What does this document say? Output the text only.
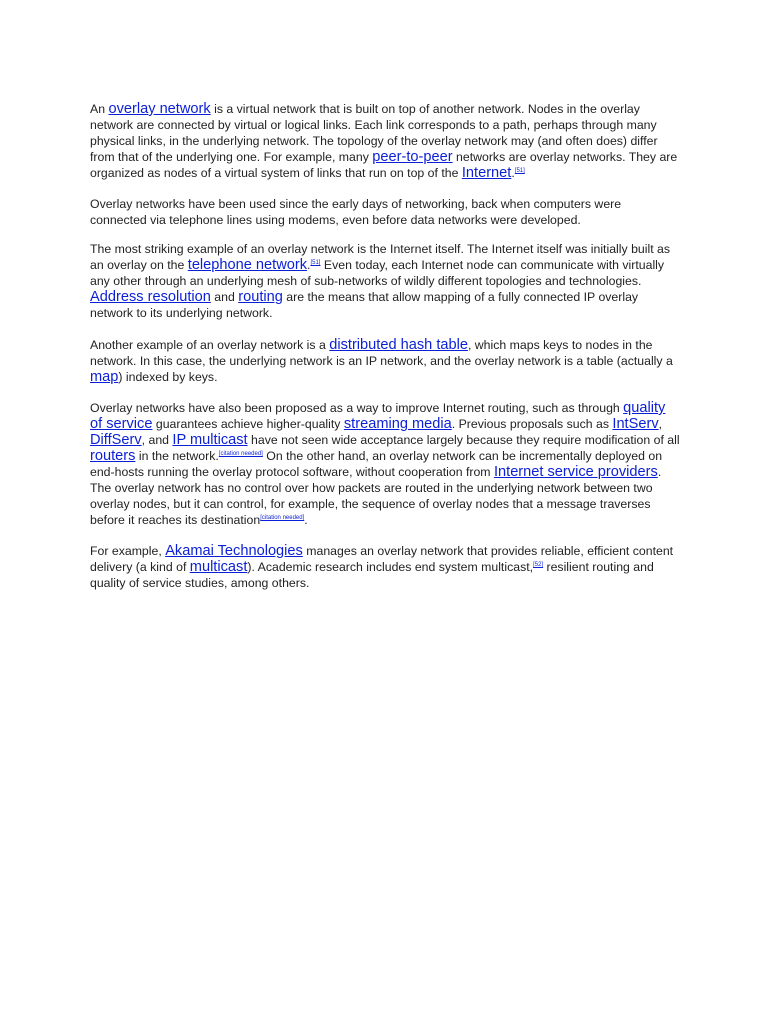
An overlay network is a virtual network that is built on top of another network. Nodes in the overlay network are connected by virtual or logical links. Each link corresponds to a path, perhaps through many physical links, in the underlying network. The topology of the overlay network may (and often does) differ from that of the underlying one. For example, many peer-to-peer networks are overlay networks. They are organized as nodes of a virtual system of links that run on top of the Internet.[51]

Overlay networks have been used since the early days of networking, back when computers were connected via telephone lines using modems, even before data networks were developed.

The most striking example of an overlay network is the Internet itself. The Internet itself was initially built as an overlay on the telephone network.[51] Even today, each Internet node can communicate with virtually any other through an underlying mesh of sub-networks of wildly different topologies and technologies. Address resolution and routing are the means that allow mapping of a fully connected IP overlay network to its underlying network.

Another example of an overlay network is a distributed hash table, which maps keys to nodes in the network. In this case, the underlying network is an IP network, and the overlay network is a table (actually a map) indexed by keys.

Overlay networks have also been proposed as a way to improve Internet routing, such as through quality of service guarantees achieve higher-quality streaming media. Previous proposals such as IntServ, DiffServ, and IP multicast have not seen wide acceptance largely because they require modification of all routers in the network.[citation needed] On the other hand, an overlay network can be incrementally deployed on end-hosts running the overlay protocol software, without cooperation from Internet service providers. The overlay network has no control over how packets are routed in the underlying network between two overlay nodes, but it can control, for example, the sequence of overlay nodes that a message traverses before it reaches its destination[citation needed].

For example, Akamai Technologies manages an overlay network that provides reliable, efficient content delivery (a kind of multicast). Academic research includes end system multicast,[52] resilient routing and quality of service studies, among others.
